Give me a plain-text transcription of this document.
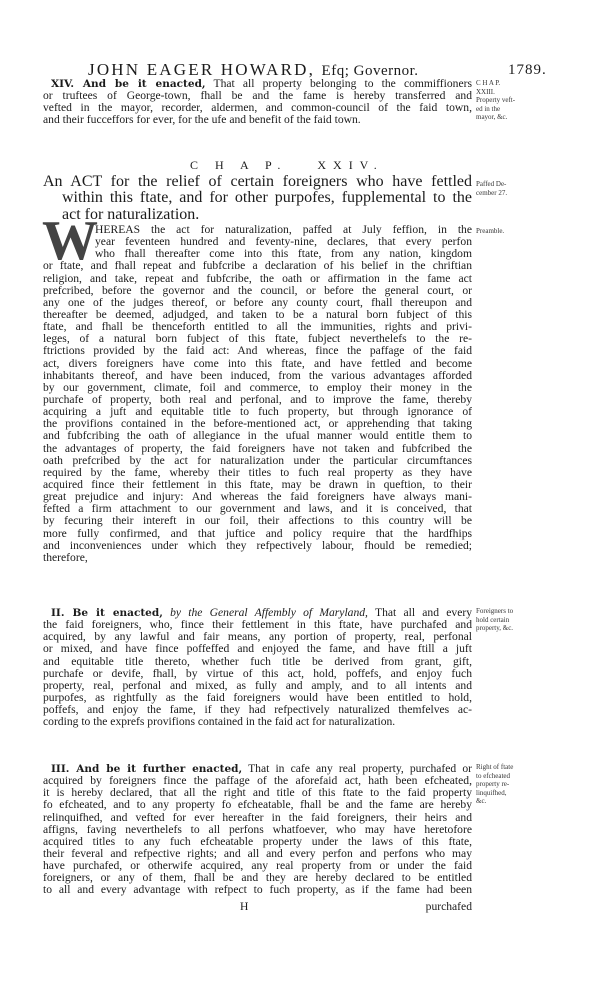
JOHN EAGER HOWARD, Efq; Governor.	1789.
XIV. And be it enacted, That all property belonging to the commiffioners
or truftees of George-town, fhall be and the fame is hereby transferred and
vefted in the mayor, recorder, aldermen, and common-council of the faid town,
and their fucceffors for ever, for the ufe and benefit of the faid town.
C H A P.
XXIII.
Property veft-
ed in the
mayor, &c.
C H A P.   XXIV.
An ACT for the relief of certain foreigners who have fettled
within this ftate, and for other purpofes, fupplemental to the
act for naturalization.
Paffed De-
cember 27.
W
HEREAS the act for naturalization, paffed at July feffion, in the
year feventeen hundred and feventy-nine, declares, that every perfon
who fhall thereafter come into this ftate, from any nation, kingdom
or ftate, and fhall repeat and fubfcribe a declaration of his belief in the chriftian
religion, and take, repeat and fubfcribe, the oath or affirmation in the fame act
prefcribed, before the governor and the council, or before the general court, or
any one of the judges thereof, or before any county court, fhall thereupon and
thereafter be deemed, adjudged, and taken to be a natural born fubject of this
ftate, and fhall be thenceforth entitled to all the immunities, rights and privi-
leges, of a natural born fubject of this ftate, fubject neverthelefs to the re-
ftrictions provided by the faid act: And whereas, fince the paffage of the faid
act, divers foreigners have come into this ftate, and have fettled and become
inhabitants thereof, and have been induced, from the various advantages afforded
by our government, climate, foil and commerce, to employ their money in the
purchafe of property, both real and perfonal, and to improve the fame, thereby
acquiring a juft and equitable title to fuch property, but through ignorance of
the provifions contained in the before-mentioned act, or apprehending that taking
and fubfcribing the oath of allegiance in the ufual manner would entitle them to
the advantages of property, the faid foreigners have not taken and fubfcribed the
oath prefcribed by the act for naturalization under the particular circumftances
required by the fame, whereby their titles to fuch real property as they have
acquired fince their fettlement in this ftate, may be drawn in queftion, to their
great prejudice and injury: And whereas the faid foreigners have always mani-
fefted a firm attachment to our government and laws, and it is conceived, that
by fecuring their intereft in our foil, their affections to this country will be
more fully confirmed, and that juftice and policy require that the hardfhips
and inconveniences under which they refpectively labour, fhould be remedied;
therefore,
Preamble.
II. Be it enacted, by the General Affembly of Maryland, That all and every
the faid foreigners, who, fince their fettlement in this ftate, have purchafed and
acquired, by any lawful and fair means, any portion of property, real, perfonal
or mixed, and have fince poffeffed and enjoyed the fame, and have ftill a juft
and equitable title thereto, whether fuch title be derived from grant, gift,
purchafe or devife, fhall, by virtue of this act, hold, poffefs, and enjoy fuch
property, real, perfonal and mixed, as fully and amply, and to all intents and
purpofes, as rightfully as the faid foreigners would have been entitled to hold,
poffefs, and enjoy the fame, if they had refpectively naturalized themfelves ac-
cording to the exprefs provifions contained in the faid act for naturalization.
Foreigners to
hold certain
property, &c.
III. And be it further enacted, That in cafe any real property, purchafed or
acquired by foreigners fince the paffage of the aforefaid act, hath been efcheated,
it is hereby declared, that all the right and title of this ftate to the faid property
fo efcheated, and to any property fo efcheatable, fhall be and the fame are hereby
relinquifhed, and vefted for ever hereafter in the faid foreigners, their heirs and
affigns, faving neverthelefs to all perfons whatfoever, who may have heretofore
acquired titles to any fuch efcheatable property under the laws of this ftate,
their feveral and refpective rights; and all and every perfon and perfons who may
have purchafed, or otherwife acquired, any real property from or under the faid
foreigners, or any of them, fhall be and they are hereby declared to be entitled
to all and every advantage with refpect to fuch property, as if the fame had been
Right of ftate
to efcheated
property re-
linquifhed,
&c.
H	purchafed
